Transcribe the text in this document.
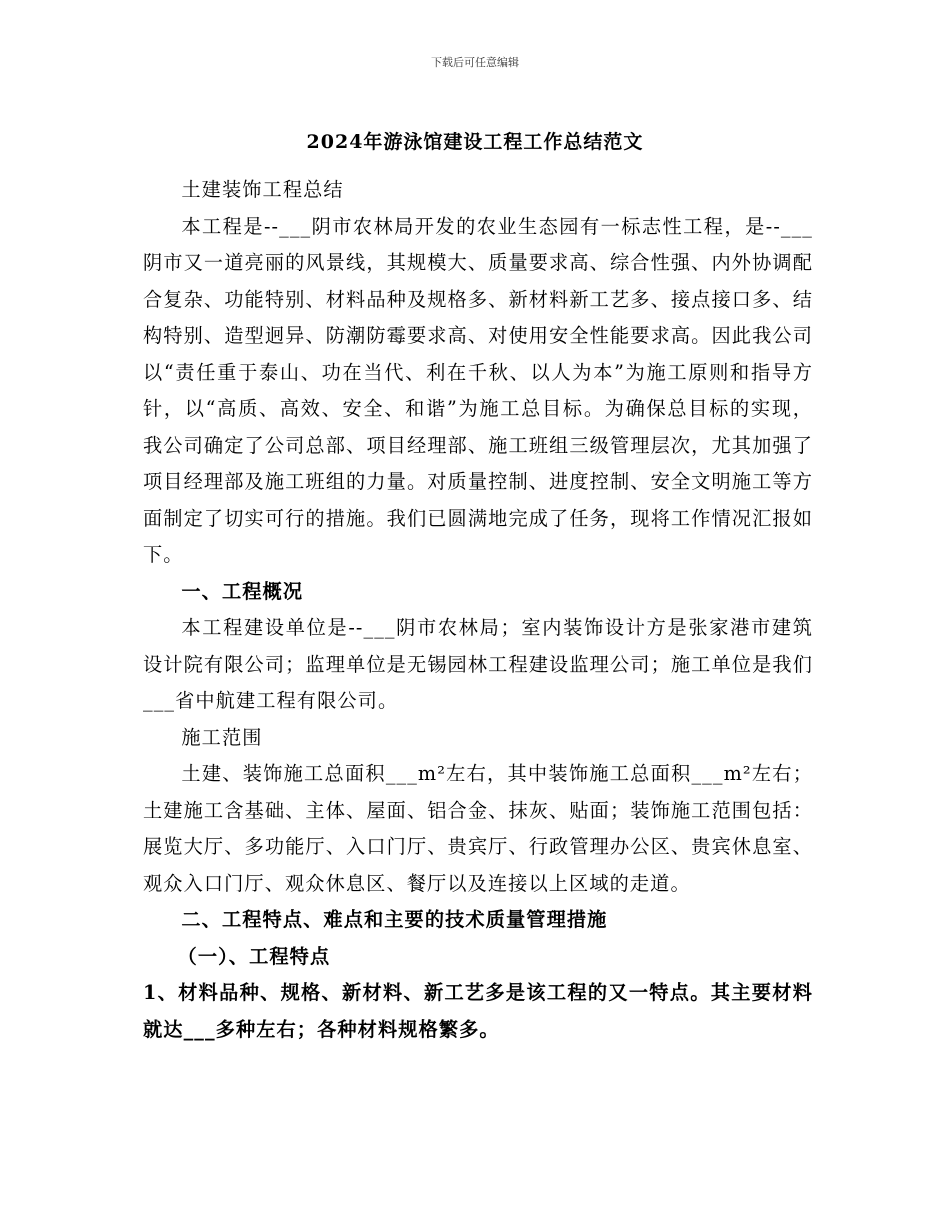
下载后可任意编辑
2024年游泳馆建设工程工作总结范文

土建装饰工程总结

本工程是--___阴市农林局开发的农业生态园有一标志性工程，是--___阴市又一道亮丽的风景线，其规模大、质量要求高、综合性强、内外协调配合复杂、功能特别、材料品种及规格多、新材料新工艺多、接点接口多、结构特别、造型迥异、防潮防霉要求高、对使用安全性能要求高。因此我公司以“责任重于泰山、功在当代、利在千秋、以人为本”为施工原则和指导方针，以“高质、高效、安全、和谐”为施工总目标。为确保总目标的实现，我公司确定了公司总部、项目经理部、施工班组三级管理层次，尤其加强了项目经理部及施工班组的力量。对质量控制、进度控制、安全文明施工等方面制定了切实可行的措施。我们已圆满地完成了任务，现将工作情况汇报如下。

一、工程概况

本工程建设单位是--___阴市农林局；室内装饰设计方是张家港市建筑设计院有限公司；监理单位是无锡园林工程建设监理公司；施工单位是我们___省中航建工程有限公司。

施工范围

土建、装饰施工总面积___m²左右，其中装饰施工总面积___m²左右；土建施工含基础、主体、屋面、铝合金、抹灰、贴面；装饰施工范围包括：展览大厅、多功能厅、入口门厅、贵宾厅、行政管理办公区、贵宾休息室、观众入口门厅、观众休息区、餐厅以及连接以上区域的走道。

二、工程特点、难点和主要的技术质量管理措施

（一）、工程特点

1、材料品种、规格、新材料、新工艺多是该工程的又一特点。其主要材料就达___多种左右；各种材料规格繁多。
